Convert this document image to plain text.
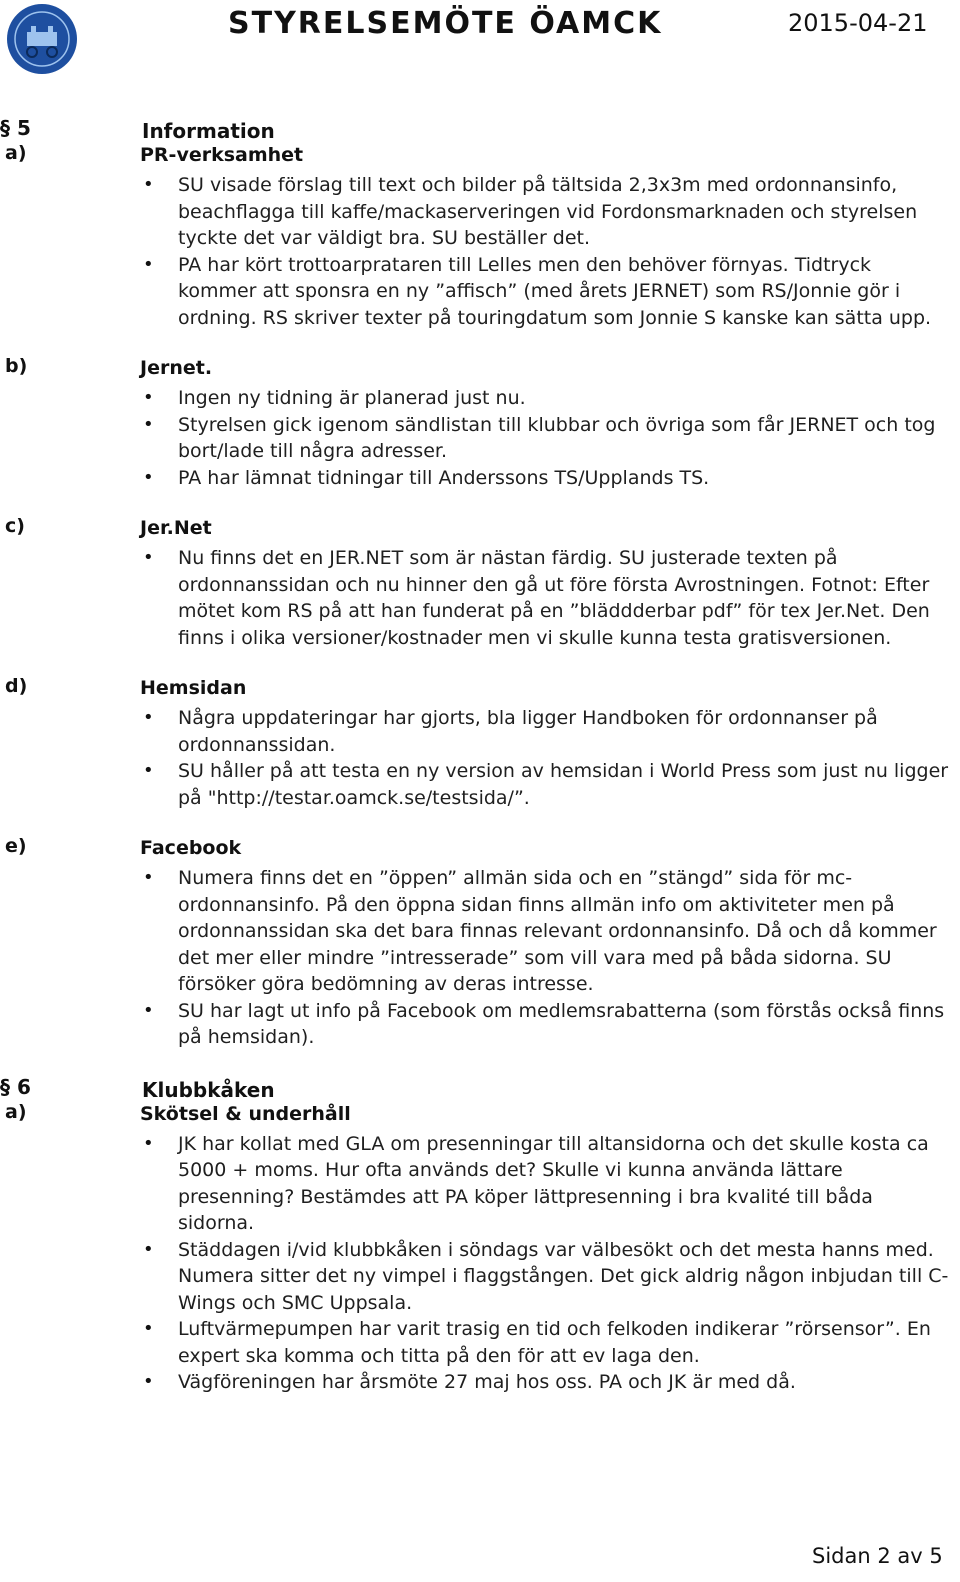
STYRELSEMÖTE ÖAMCK	2015-04-21
§ 5	Information
a)	PR-verksamhet
• SU visade förslag till text och bilder på tältsida 2,3x3m med ordonnansinfo, beachflagga till kaffe/mackaserveringen vid Fordonsmarknaden och styrelsen tyckte det var väldigt bra. SU beställer det.
• PA har kört trottoarprataren till Lelles men den behöver förnyas. Tidtryck kommer att sponsra en ny ”affisch” (med årets JERNET) som RS/Jonnie gör i ordning. RS skriver texter på touringdatum som Jonnie S kanske kan sätta upp.
b)	Jernet.
• Ingen ny tidning är planerad just nu.
• Styrelsen gick igenom sändlistan till klubbar och övriga som får JERNET och tog bort/lade till några adresser.
• PA har lämnat tidningar till Anderssons TS/Upplands TS.
c)	Jer.Net
• Nu finns det en JER.NET som är nästan färdig. SU justerade texten på ordonnanssidan och nu hinner den gå ut före första Avrostningen. Fotnot: Efter mötet kom RS på att han funderat på en ”bläddderbar pdf” för tex Jer.Net. Den finns i olika versioner/kostnader men vi skulle kunna testa gratisversionen.
d)	Hemsidan
• Några uppdateringar har gjorts, bla ligger Handboken för ordonnanser på ordonnanssidan.
• SU håller på att testa en ny version av hemsidan i World Press som just nu ligger på "http://testar.oamck.se/testsida/”.
e)	Facebook
• Numera finns det en ”öppen” allmän sida och en ”stängd” sida för mc-ordonnansinfo. På den öppna sidan finns allmän info om aktiviteter men på ordonnanssidan ska det bara finnas relevant ordonnansinfo. Då och då kommer det mer eller mindre ”intresserade” som vill vara med på båda sidorna. SU försöker göra bedömning av deras intresse.
• SU har lagt ut info på Facebook om medlemsrabatterna (som förstås också finns på hemsidan).
§ 6	Klubbkåken
a)	Skötsel & underhåll
• JK har kollat med GLA om presenningar till altansidorna och det skulle kosta ca 5000 + moms. Hur ofta används det? Skulle vi kunna använda lättare presenning? Bestämdes att PA köper lättpresenning i bra kvalité till båda sidorna.
• Städdagen i/vid klubbkåken i söndags var välbesökt och det mesta hanns med. Numera sitter det ny vimpel i flaggstången. Det gick aldrig någon inbjudan till C-Wings och SMC Uppsala.
• Luftvärmepumpen har varit trasig en tid och felkoden indikerar ”rörsensor”. En expert ska komma och titta på den för att ev laga den.
• Vägföreningen har årsmöte 27 maj hos oss. PA och JK är med då.
Sidan 2 av 5
